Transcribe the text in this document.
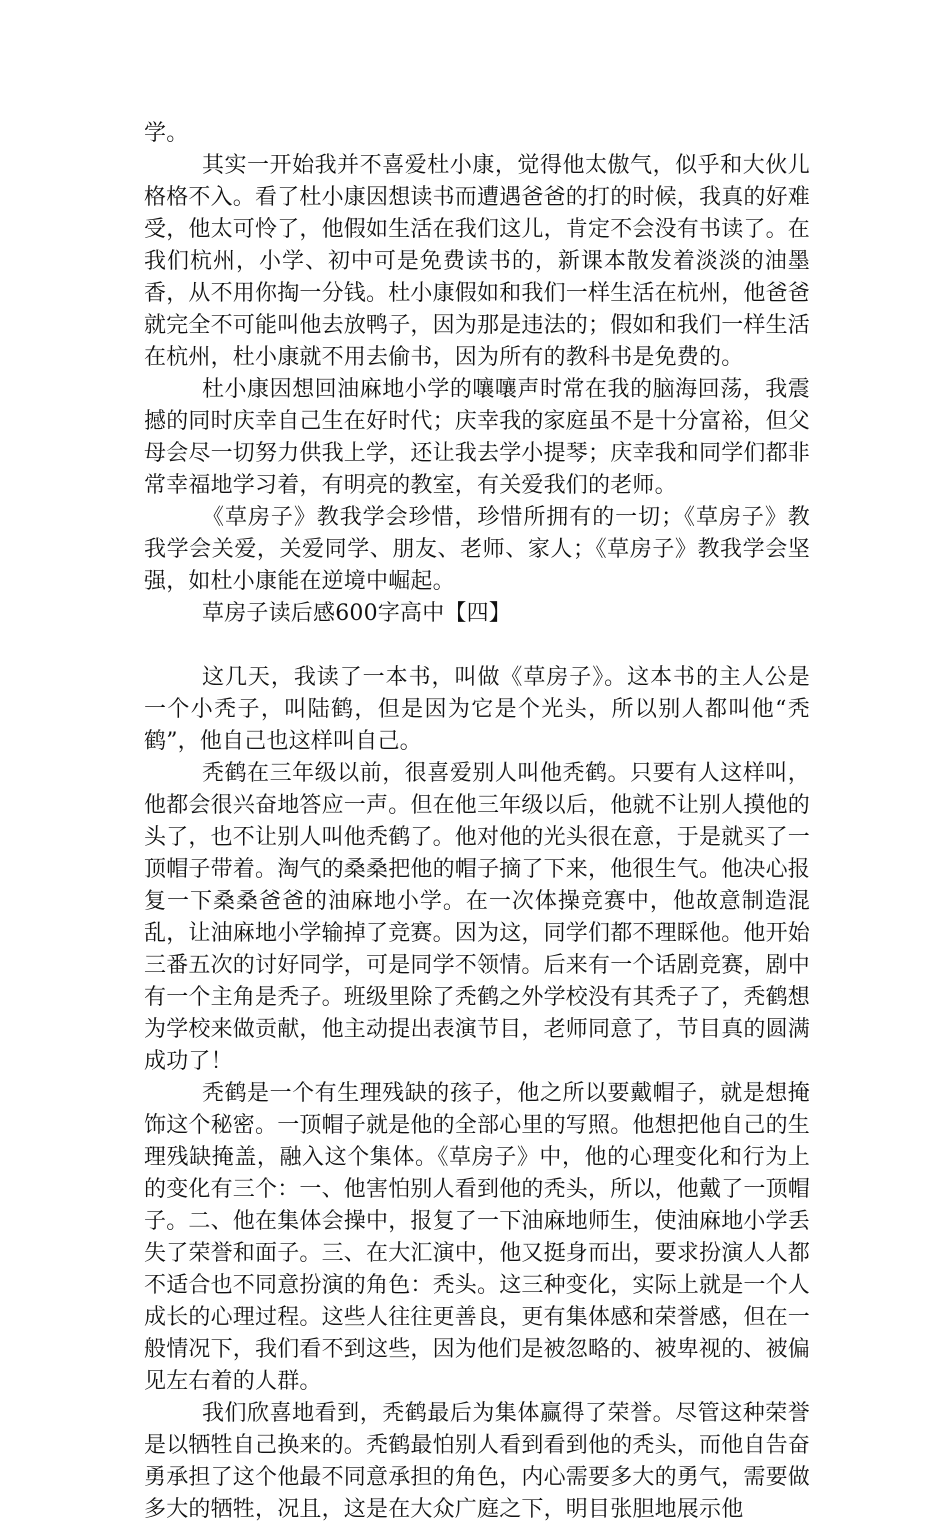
学。

其实一开始我并不喜爱杜小康，觉得他太傲气，似乎和大伙儿格格不入。看了杜小康因想读书而遭遇爸爸的打的时候，我真的好难受，他太可怜了，他假如生活在我们这儿，肯定不会没有书读了。在我们杭州，小学、初中可是免费读书的，新课本散发着淡淡的油墨香，从不用你掏一分钱。杜小康假如和我们一样生活在杭州，他爸爸就完全不可能叫他去放鸭子，因为那是违法的；假如和我们一样生活在杭州，杜小康就不用去偷书，因为所有的教科书是免费的。

杜小康因想回油麻地小学的嚷嚷声时常在我的脑海回荡，我震撼的同时庆幸自己生在好时代；庆幸我的家庭虽不是十分富裕，但父母会尽一切努力供我上学，还让我去学小提琴；庆幸我和同学们都非常幸福地学习着，有明亮的教室，有关爱我们的老师。

《草房子》教我学会珍惜，珍惜所拥有的一切；《草房子》教我学会关爱，关爱同学、朋友、老师、家人；《草房子》教我学会坚强，如杜小康能在逆境中崛起。

草房子读后感600字高中【四】

这几天，我读了一本书，叫做《草房子》。这本书的主人公是一个小秃子，叫陆鹤，但是因为它是个光头，所以别人都叫他“秃鹤”，他自己也这样叫自己。

秃鹤在三年级以前，很喜爱别人叫他秃鹤。只要有人这样叫，他都会很兴奋地答应一声。但在他三年级以后，他就不让别人摸他的头了，也不让别人叫他秃鹤了。他对他的光头很在意，于是就买了一顶帽子带着。淘气的桑桑把他的帽子摘了下来，他很生气。他决心报复一下桑桑爸爸的油麻地小学。在一次体操竞赛中，他故意制造混乱，让油麻地小学输掉了竞赛。因为这，同学们都不理睬他。他开始三番五次的讨好同学，可是同学不领情。后来有一个话剧竞赛，剧中有一个主角是秃子。班级里除了秃鹤之外学校没有其秃子了，秃鹤想为学校来做贡献，他主动提出表演节目，老师同意了，节目真的圆满成功了！

秃鹤是一个有生理残缺的孩子，他之所以要戴帽子，就是想掩饰这个秘密。一顶帽子就是他的全部心里的写照。他想把他自己的生理残缺掩盖，融入这个集体。《草房子》中，他的心理变化和行为上的变化有三个：一、他害怕别人看到他的秃头，所以，他戴了一顶帽子。二、他在集体会操中，报复了一下油麻地师生，使油麻地小学丢失了荣誉和面子。三、在大汇演中，他又挺身而出，要求扮演人人都不适合也不同意扮演的角色：秃头。这三种变化，实际上就是一个人成长的心理过程。这些人往往更善良，更有集体感和荣誉感，但在一般情况下，我们看不到这些，因为他们是被忽略的、被卑视的、被偏见左右着的人群。

我们欣喜地看到，秃鹤最后为集体赢得了荣誉。尽管这种荣誉是以牺牲自己换来的。秃鹤最怕别人看到看到他的秃头，而他自告奋勇承担了这个他最不同意承担的角色，内心需要多大的勇气，需要做多大的牺牲，况且，这是在大众广庭之下，明目张胆地展示他
